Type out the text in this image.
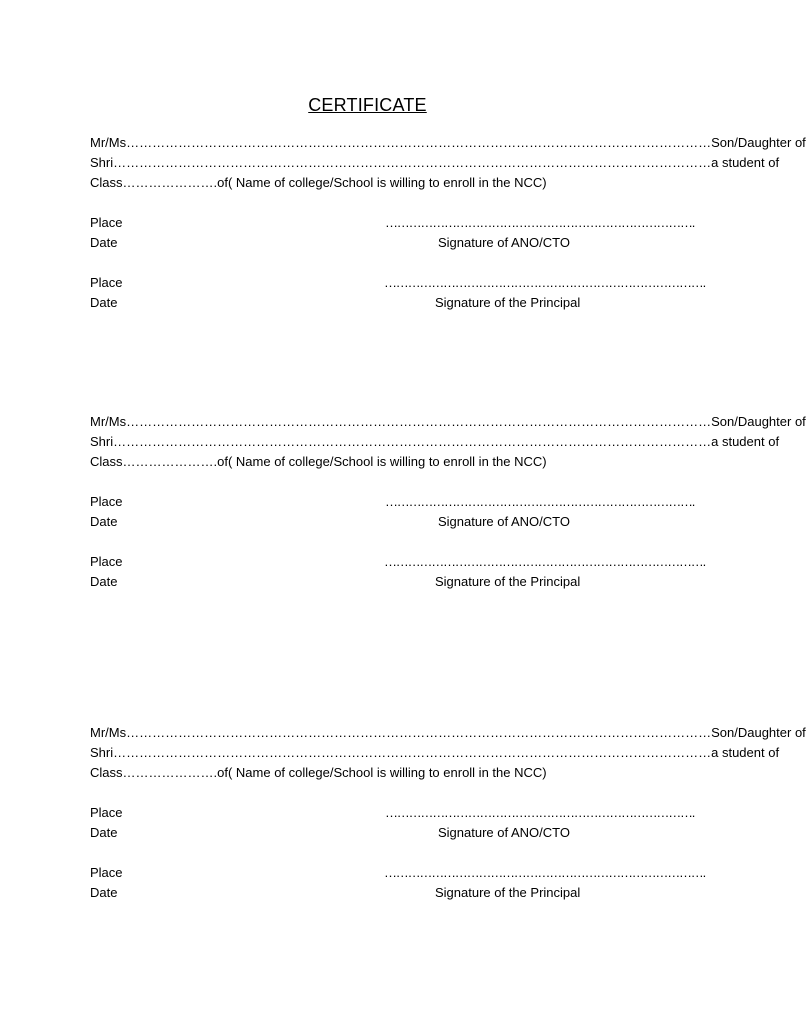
CERTIFICATE
Mr/Ms……………………………………………………………………………………………………………………… Son/Daughter of
Shri………………………………………………………………………………………………………………………… a student of
Class………………….of( Name of college/School is willing to enroll in the NCC)
Place	…………………………………………………………………….
Date	Signature of ANO/CTO
Place	……………………………………………………………………….
Date	Signature of the Principal
Mr/Ms……………………………………………………………………………………………………………………… Son/Daughter of
Shri………………………………………………………………………………………………………………………… a student of
Class………………….of( Name of college/School is willing to enroll in the NCC)
Place	…………………………………………………………………….
Date	Signature of ANO/CTO
Place	……………………………………………………………………….
Date	Signature of the Principal
Mr/Ms……………………………………………………………………………………………………………………… Son/Daughter of
Shri………………………………………………………………………………………………………………………… a student of
Class………………….of( Name of college/School is willing to enroll in the NCC)
Place	…………………………………………………………………….
Date	Signature of ANO/CTO
Place	……………………………………………………………………….
Date	Signature of the Principal
